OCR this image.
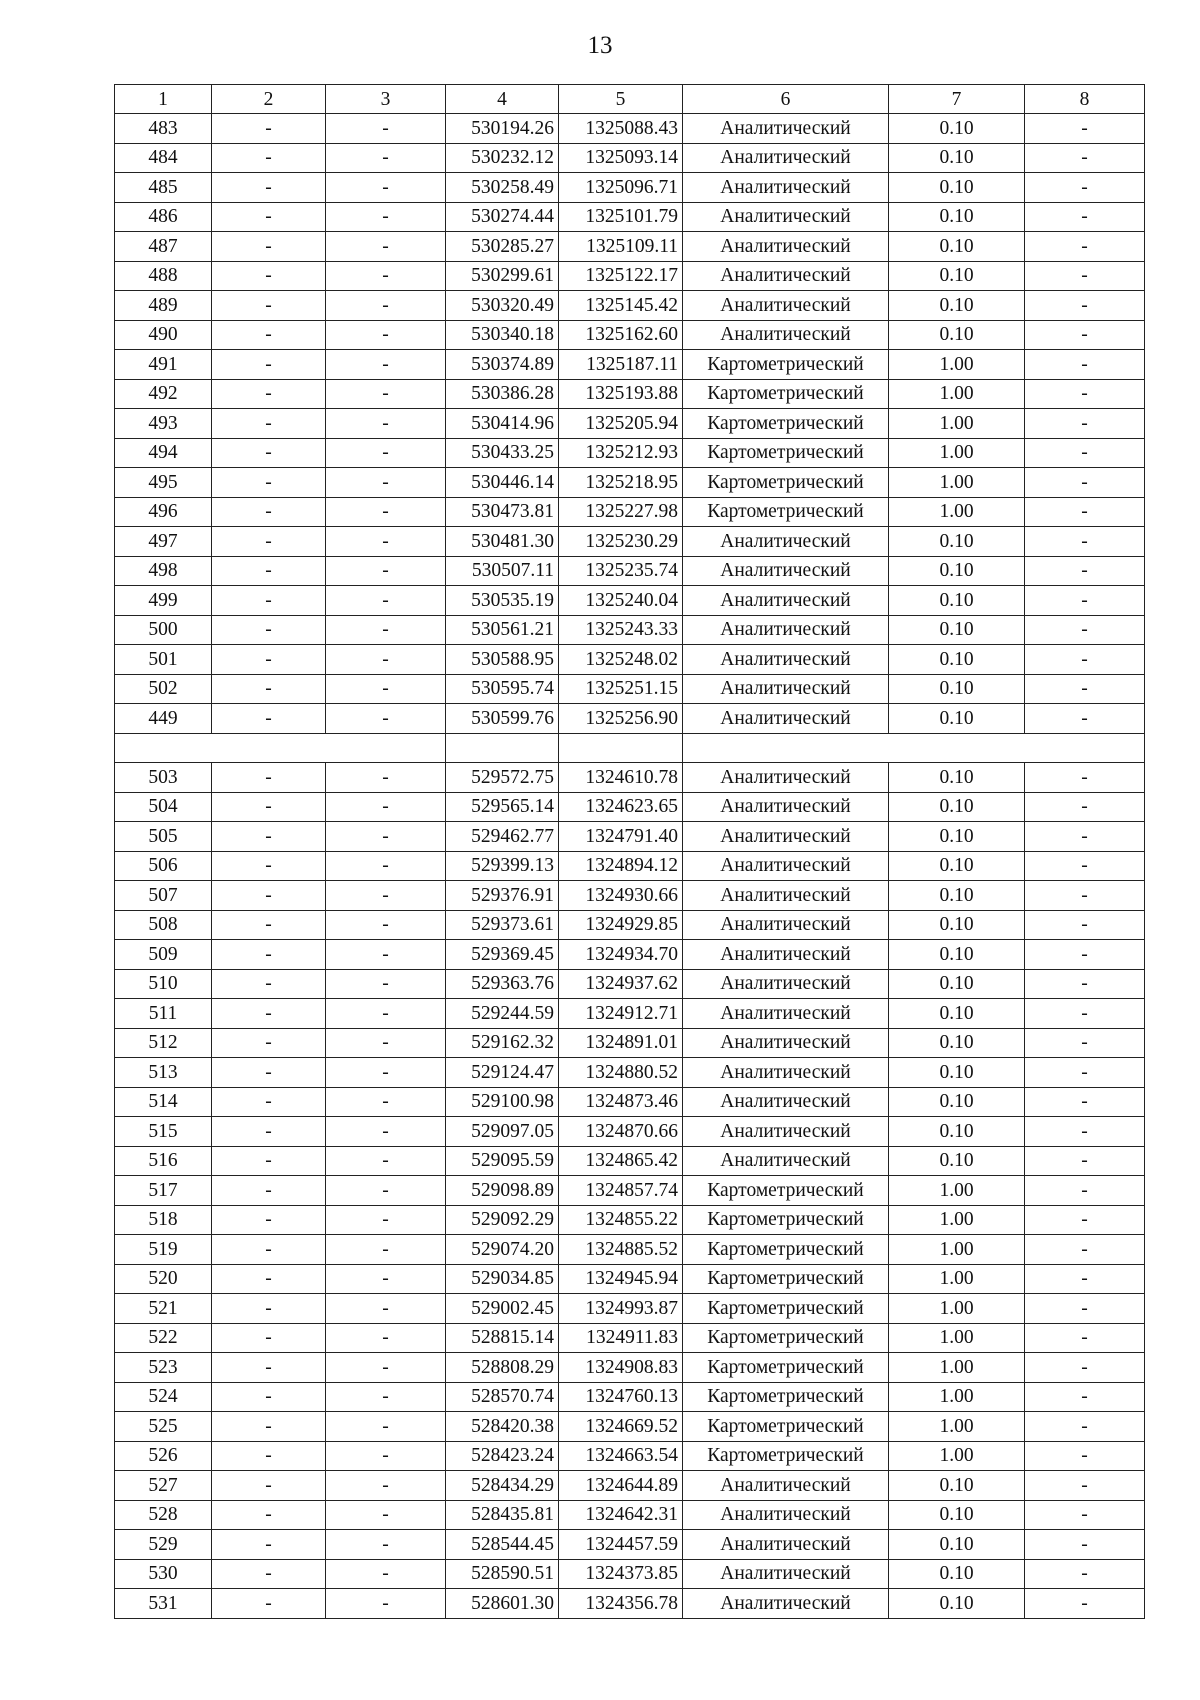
13
1	2	3	4	5	6	7	8
483	-	-	530194.26	1325088.43	Аналитический	0.10	-
484	-	-	530232.12	1325093.14	Аналитический	0.10	-
485	-	-	530258.49	1325096.71	Аналитический	0.10	-
486	-	-	530274.44	1325101.79	Аналитический	0.10	-
487	-	-	530285.27	1325109.11	Аналитический	0.10	-
488	-	-	530299.61	1325122.17	Аналитический	0.10	-
489	-	-	530320.49	1325145.42	Аналитический	0.10	-
490	-	-	530340.18	1325162.60	Аналитический	0.10	-
491	-	-	530374.89	1325187.11	Картометрический	1.00	-
492	-	-	530386.28	1325193.88	Картометрический	1.00	-
493	-	-	530414.96	1325205.94	Картометрический	1.00	-
494	-	-	530433.25	1325212.93	Картометрический	1.00	-
495	-	-	530446.14	1325218.95	Картометрический	1.00	-
496	-	-	530473.81	1325227.98	Картометрический	1.00	-
497	-	-	530481.30	1325230.29	Аналитический	0.10	-
498	-	-	530507.11	1325235.74	Аналитический	0.10	-
499	-	-	530535.19	1325240.04	Аналитический	0.10	-
500	-	-	530561.21	1325243.33	Аналитический	0.10	-
501	-	-	530588.95	1325248.02	Аналитический	0.10	-
502	-	-	530595.74	1325251.15	Аналитический	0.10	-
449	-	-	530599.76	1325256.90	Аналитический	0.10	-

503	-	-	529572.75	1324610.78	Аналитический	0.10	-
504	-	-	529565.14	1324623.65	Аналитический	0.10	-
505	-	-	529462.77	1324791.40	Аналитический	0.10	-
506	-	-	529399.13	1324894.12	Аналитический	0.10	-
507	-	-	529376.91	1324930.66	Аналитический	0.10	-
508	-	-	529373.61	1324929.85	Аналитический	0.10	-
509	-	-	529369.45	1324934.70	Аналитический	0.10	-
510	-	-	529363.76	1324937.62	Аналитический	0.10	-
511	-	-	529244.59	1324912.71	Аналитический	0.10	-
512	-	-	529162.32	1324891.01	Аналитический	0.10	-
513	-	-	529124.47	1324880.52	Аналитический	0.10	-
514	-	-	529100.98	1324873.46	Аналитический	0.10	-
515	-	-	529097.05	1324870.66	Аналитический	0.10	-
516	-	-	529095.59	1324865.42	Аналитический	0.10	-
517	-	-	529098.89	1324857.74	Картометрический	1.00	-
518	-	-	529092.29	1324855.22	Картометрический	1.00	-
519	-	-	529074.20	1324885.52	Картометрический	1.00	-
520	-	-	529034.85	1324945.94	Картометрический	1.00	-
521	-	-	529002.45	1324993.87	Картометрический	1.00	-
522	-	-	528815.14	1324911.83	Картометрический	1.00	-
523	-	-	528808.29	1324908.83	Картометрический	1.00	-
524	-	-	528570.74	1324760.13	Картометрический	1.00	-
525	-	-	528420.38	1324669.52	Картометрический	1.00	-
526	-	-	528423.24	1324663.54	Картометрический	1.00	-
527	-	-	528434.29	1324644.89	Аналитический	0.10	-
528	-	-	528435.81	1324642.31	Аналитический	0.10	-
529	-	-	528544.45	1324457.59	Аналитический	0.10	-
530	-	-	528590.51	1324373.85	Аналитический	0.10	-
531	-	-	528601.30	1324356.78	Аналитический	0.10	-
